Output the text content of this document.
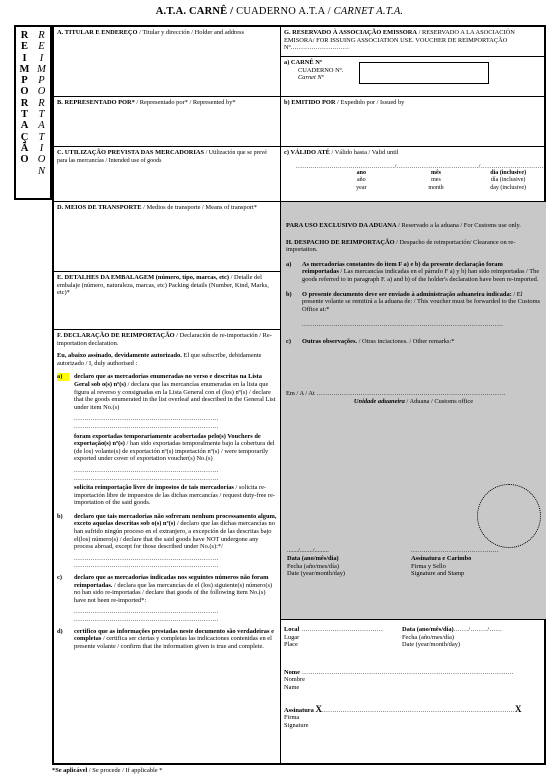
A.T.A. CARNÊ / CUADERNO A.T.A / CARNET A.T.A.
R
E
I
M
P
O
R
T
A
Ç
Ã
O
R
E
I
M
P
O
R
T
A
T
I
O
N

A. TITULAR E ENDEREÇO / Titular y dirección / Holder and address	G. RESERVADO À ASSOCIAÇÃO EMISSORA / RESERVADO A LA ASOCIACIÓN EMISORA/ FOR ISSUING ASSOCIATION USE. VOUCHER DE REIMPORTAÇÃO Nº............................

a) CARNÊ Nº

CUADERNO Nº.

Carnet Nº

B. REPRESENTADO POR* / Representado por* / Represented by*	b) EMITIDO POR / Expedido por / Issued by

C. UTILIZAÇÃO PREVISTA DAS MERCADORIAS / Utilización que se prevé para las mercancías / Intended use of goods

c) VÁLIDO ATÉ / Válido hasta / Valid until

.............................................../......................................./...............................

ano

año

year

mês

mes

month

dia (inclusive)

día (inclusive)

day (inclusive)

D. MEIOS DE TRANSPORTE / Medios de transporte / Means of transport*

PARA USO EXCLUSIVO DA ADUANA / Reservado a la aduana / For Customs use only.

H. DESPACHO DE REIMPORTAÇÃO / Despacho de reimportación/ Clearance on re-importation.

a)	As mercadorias constantes do item F a) e b) da presente declaração foram reimportadas / Las mercancías indicadas en el párrafo F a) y b) han sido reimportadas / The goods referred to in paragraph F. a) and b) of the holder's declaration have been re-imported.

b)	O presente documento deve ser enviado à administração aduaneira indicada: / El presente volante se remitirá a la aduana de: / This voucher must be forwarded to the Customs Office at:*

................................................................................................

c)	Outras observações. / Otras inciaciones. / Other remarks:*

Em / A / At ..........................................................................................

Unidade aduaneira / Aduana / Customs office

......./......../.........

Data (ano/mês/dia)

Fecha (año/mes/día)

Date (year/month/day)

..........................................

Assinatura e Carimbo

Firma y Sello

Signature and Stamp

E. DETALHES DA EMBALAGEM (número, tipo, marcas, etc) / Detalle del embalaje (número, naturaleza, marcas, etc) Packing details (Number, Kind, Marks, etc)*

F. DECLARAÇÃO DE REIMPORTAÇÃO / Declaración de re-importación / Re-importation declaration.

Eu, abaixo assinado, devidamente autorizado. El que subscribe, debidamente autorizado / I, duly authorised :

a)	declaro que as mercadorias enumeradas no verso e descritas na Lista Geral sob o(s) nº(s) / declara que las mercancías enumeradas en la lista que figura al reverso y consignadas en la Lista General con el (los) nº(s) / declare that the goods enumerated in the list overleaf and described in the General List under item No.(s)

.....................................................................

.....................................................................

foram exportadas temporariamente acobertadas pelo(s) Vouchers de exportação(s) nº(s) / han sido exportadas temporalmente bajo la cobertura del (de los) volante(s) de exportación nº(s) importación nº(s) / were temporarily exported under cover of exportation voucher(s) No.(s)

.....................................................................

.....................................................................

solicita reimportação livre de impostos de tais mercadorias / solicita re-importación libre de impuestos de las dichas mercancías / request duty-free re-importation of the said goods.

b)	declaro que tais mercadorias não sofreram nenhum processamento algum, exceto aquelas descritas sob o(s) nº(s) / declaro que las dichas mercancías no han sufrido ningún proceso en el extranjero, a excepción de las descritas bajo el(los) número(s) / declare that the said goods have NOT undergone any process abroad, except for those described under No.(s):*/

.....................................................................

.....................................................................

c)	declaro que as mercadorias indicadas nos seguintes números não foram reimportadas. / declara que las mercancías de el (los) siguiente(s) número(s) no han sido re-importadas / declare that goods of the following item No.(s) have not been re-imported*:

.....................................................................

.....................................................................

d)	certifico que as informações prestadas neste documento são verdadeiras e completas / certifica ser ciertas y completas las indicaciones contenidas en el presente volante / confirm that the information given is true and complete.

Local .......................................

Lugar

Place

Data (ano/mês/dia)......./......../......

Fecha (año/mes/día)

Date (year/month/day)

Nome .....................................................................................................

Nombre

Name

Assinatura X............................................................................................X

Firma

Signature

*Se aplicável / Se procede / If applicable *
